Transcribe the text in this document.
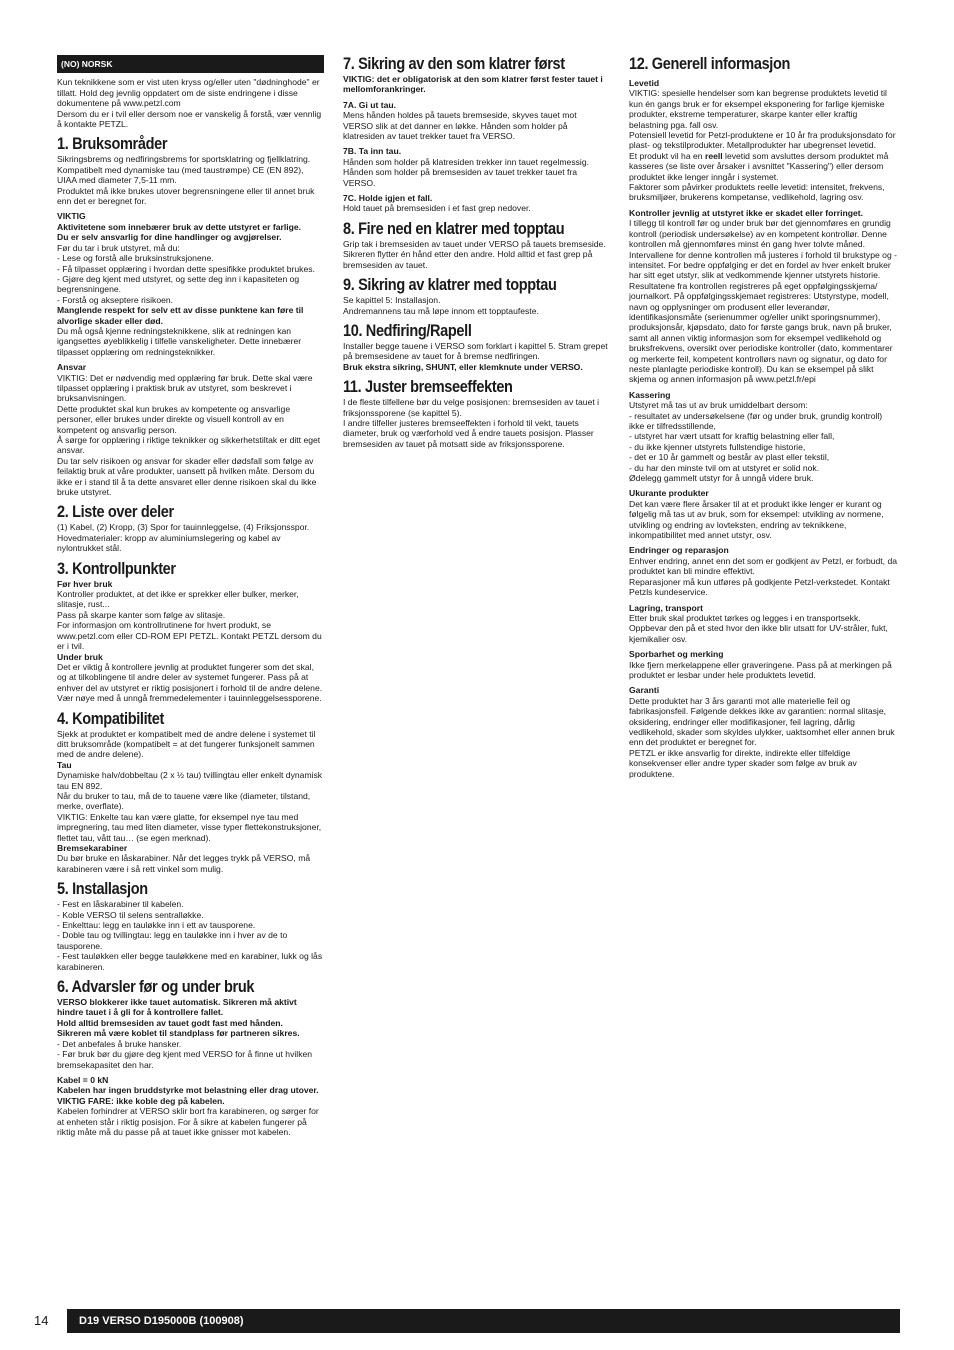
(NO) NORSK

Kun teknikkene som er vist uten kryss og/eller uten "dødninghode" er tillatt. Hold deg jevnlig oppdatert om de siste endringene i disse dokumentene på www.petzl.com

Dersom du er i tvil eller dersom noe er vanskelig å forstå, vær vennlig å kontakte PETZL.

1. Bruksområder

Sikringsbrems og nedfiringsbrems for sportsklatring og fjellklatring. Kompatibelt med dynamiske tau (med taustrømpe) CE (EN 892), UIAA med diameter 7,5-11 mm.

Produktet må ikke brukes utover begrensningene eller til annet bruk enn det er beregnet for.

VIKTIG

Aktivitetene som innebærer bruk av dette utstyret er farlige.

Du er selv ansvarlig for dine handlinger og avgjørelser.

Før du tar i bruk utstyret, må du:

- Lese og forstå alle bruksinstruksjonene.

- Få tilpasset opplæring i hvordan dette spesifikke produktet brukes.

- Gjøre deg kjent med utstyret, og sette deg inn i kapasiteten og begrensningene.

- Forstå og akseptere risikoen.

Manglende respekt for selv ett av disse punktene kan føre til alvorlige skader eller død.

Du må også kjenne redningsteknikkene, slik at redningen kan igangsettes øyeblikkelig i tilfelle vanskeligheter. Dette innebærer tilpasset opplæring om redningsteknikker.

Ansvar

VIKTIG: Det er nødvendig med opplæring før bruk. Dette skal være tilpasset opplæring i praktisk bruk av utstyret, som beskrevet i bruksanvisningen.

Dette produktet skal kun brukes av kompetente og ansvarlige personer, eller brukes under direkte og visuell kontroll av en kompetent og ansvarlig person.

Å sørge for opplæring i riktige teknikker og sikkerhetstiltak er ditt eget ansvar.

Du tar selv risikoen og ansvar for skader eller dødsfall som følge av feilaktig bruk at våre produkter, uansett på hvilken måte. Dersom du ikke er i stand til å ta dette ansvaret eller denne risikoen skal du ikke bruke utstyret.

2. Liste over deler

(1) Kabel, (2) Kropp, (3) Spor for tauinnleggelse, (4) Friksjonsspor.

Hovedmaterialer: kropp av aluminiumslegering og kabel av nylontrukket stål.

3. Kontrollpunkter

Før hver bruk

Kontroller produktet, at det ikke er sprekker eller bulker, merker, slitasje, rust...

Pass på skarpe kanter som følge av slitasje.

For informasjon om kontrollrutinene for hvert produkt, se www.petzl.com eller CD-ROM EPI PETZL. Kontakt PETZL dersom du er i tvil.

Under bruk

Det er viktig å kontrollere jevnlig at produktet fungerer som det skal, og at tilkoblingene til andre deler av systemet fungerer. Pass på at enhver del av utstyret er riktig posisjonert i forhold til de andre delene. Vær nøye med å unngå fremmedelementer i tauinnleggelsessporene.

4. Kompatibilitet

Sjekk at produktet er kompatibelt med de andre delene i systemet til ditt bruksområde (kompatibelt = at det fungerer funksjonelt sammen med de andre delene).

Tau

Dynamiske halv/dobbeltau (2 x ½ tau) tvillingtau eller enkelt dynamisk tau EN 892.

Når du bruker to tau, må de to tauene være like (diameter, tilstand, merke, overflate).

VIKTIG: Enkelte tau kan være glatte, for eksempel nye tau med impregnering, tau med liten diameter, visse typer flettekonstruksjoner, flettet tau, vått tau… (se egen merknad).

Bremsekarabiner

Du bør bruke en låskarabiner. Når det legges trykk på VERSO, må karabineren være i så rett vinkel som mulig.

5. Installasjon

- Fest en låskarabiner til kabelen.

- Koble VERSO til selens sentralløkke.

- Enkelttau: legg en tauløkke inn i ett av tausporene.

- Doble tau og tvillingtau: legg en tauløkke inn i hver av de to tausporene.

- Fest tauløkken eller begge tauløkkene med en karabiner, lukk og lås karabineren.

6. Advarsler før og under bruk

VERSO blokkerer ikke tauet automatisk. Sikreren må aktivt hindre tauet i å gli for å kontrollere fallet.

Hold alltid bremsesiden av tauet godt fast med hånden.

Sikreren må være koblet til standplass før partneren sikres.

- Det anbefales å bruke hansker.

- Før bruk bør du gjøre deg kjent med VERSO for å finne ut hvilken bremsekapasitet den har.

Kabel = 0 kN

Kabelen har ingen bruddstyrke mot belastning eller drag utover.

VIKTIG FARE: ikke koble deg på kabelen.

Kabelen forhindrer at VERSO sklir bort fra karabineren, og sørger for at enheten står i riktig posisjon. For å sikre at kabelen fungerer på riktig måte må du passe på at tauet ikke gnisser mot kabelen.

7. Sikring av den som klatrer først

VIKTIG: det er obligatorisk at den som klatrer først fester tauet i mellomforankringer.

7A. Gi ut tau.

Mens hånden holdes på tauets bremseside, skyves tauet mot VERSO slik at det danner en løkke. Hånden som holder på klatresiden av tauet trekker tauet fra VERSO.

7B. Ta inn tau.

Hånden som holder på klatresiden trekker inn tauet regelmessig.

Hånden som holder på bremsesiden av tauet trekker tauet fra VERSO.

7C. Holde igjen et fall.

Hold tauet på bremsesiden i et fast grep nedover.

8. Fire ned en klatrer med topptau

Grip tak i bremsesiden av tauet under VERSO på tauets bremseside. Sikreren flytter én hånd etter den andre. Hold alltid et fast grep på bremsesiden av tauet.

9. Sikring av klatrer med topptau

Se kapittel 5: Installasjon.

Andremannens tau må løpe innom ett topptaufeste.

10. Nedfiring/Rapell

Installer begge tauene i VERSO som forklart i kapittel 5. Stram grepet på bremsesidene av tauet for å bremse nedfiringen.

Bruk ekstra sikring, SHUNT, eller klemknute under VERSO.

11. Juster bremseeffekten

I de fleste tilfellene bør du velge posisjonen: bremsesiden av tauet i friksjonssporene (se kapittel 5).

I andre tilfeller justeres bremseeffekten i forhold til vekt, tauets diameter, bruk og værforhold ved å endre tauets posisjon. Plasser bremsesiden av tauet på motsatt side av friksjonssporene.

12. Generell informasjon
Levetid

VIKTIG: spesielle hendelser som kan begrense produktets levetid til kun én gangs bruk er for eksempel eksponering for farlige kjemiske produkter, ekstreme temperaturer, skarpe kanter eller kraftig belastning pga. fall osv.

Potensiell levetid for Petzl-produktene er 10 år fra produksjonsdato for plast- og tekstilprodukter. Metallprodukter har ubegrenset levetid.

Et produkt vil ha en reell levetid som avsluttes dersom produktet må kasseres (se liste over årsaker i avsnittet "Kassering") eller dersom produktet ikke lenger inngår i systemet.

Faktorer som påvirker produktets reelle levetid: intensitet, frekvens, bruksmiljøer, brukerens kompetanse, vedlikehold, lagring osv.

Kontroller jevnlig at utstyret ikke er skadet eller forringet.

I tillegg til kontroll før og under bruk bør det gjennomføres en grundig kontroll (periodisk undersøkelse) av en kompetent kontrollør. Denne kontrollen må gjennomføres minst én gang hver tolvte måned. Intervallene for denne kontrollen må justeres i forhold til brukstype og -intensitet. For bedre oppfølging er det en fordel av hver enkelt bruker har sitt eget utstyr, slik at vedkommende kjenner utstyrets historie. Resultatene fra kontrollen registreres på eget oppfølgingsskjema/ journalkort. På oppfølgingsskjemaet registreres: Utstyrstype, modell, navn og opplysninger om produsent eller leverandør, identifikasjonsmåte (serienummer og/eller unikt sporingsnummer), produksjonsår, kjøpsdato, dato for første gangs bruk, navn på bruker, samt all annen viktig informasjon som for eksempel vedlikehold og bruksfrekvens, oversikt over periodiske kontroller (dato, kommentarer og merkerte feil, kompetent kontrollørs navn og signatur, og dato for neste planlagte periodiske kontroll). Du kan se eksempel på slikt skjema og annen informasjon på www.petzl.fr/epi

Kassering

Utstyret må tas ut av bruk umiddelbart dersom:

- resultatet av undersøkelsene (før og under bruk, grundig kontroll) ikke er tilfredsstillende,

- utstyret har vært utsatt for kraftig belastning eller fall,

- du ikke kjenner utstyrets fullstendige historie,

- det er 10 år gammelt og består av plast eller tekstil,

- du har den minste tvil om at utstyret er solid nok.

Ødelegg gammelt utstyr for å unngå videre bruk.

Ukurante produkter

Det kan være flere årsaker til at et produkt ikke lenger er kurant og følgelig må tas ut av bruk, som for eksempel: utvikling av normene, utvikling og endring av lovteksten, endring av teknikkene, inkompatibilitet med annet utstyr, osv.

Endringer og reparasjon

Enhver endring, annet enn det som er godkjent av Petzl, er forbudt, da produktet kan bli mindre effektivt.

Reparasjoner må kun utføres på godkjente Petzl-verkstedet. Kontakt Petzls kundeservice.

Lagring, transport

Etter bruk skal produktet tørkes og legges i en transportsekk. Oppbevar den på et sted hvor den ikke blir utsatt for UV-stråler, fukt, kjemikalier osv.

Sporbarhet og merking

Ikke fjern merkelappene eller graveringene. Pass på at merkingen på produktet er lesbar under hele produktets levetid.

Garanti

Dette produktet har 3 års garanti mot alle materielle feil og fabrikasjonsfeil. Følgende dekkes ikke av garantien: normal slitasje, oksidering, endringer eller modifikasjoner, feil lagring, dårlig vedlikehold, skader som skyldes ulykker, uaktsomhet eller annen bruk enn det produktet er beregnet for.

PETZL er ikke ansvarlig for direkte, indirekte eller tilfeldige konsekvenser eller andre typer skader som følge av bruk av produktene.

14	D19 VERSO D195000B (100908)
